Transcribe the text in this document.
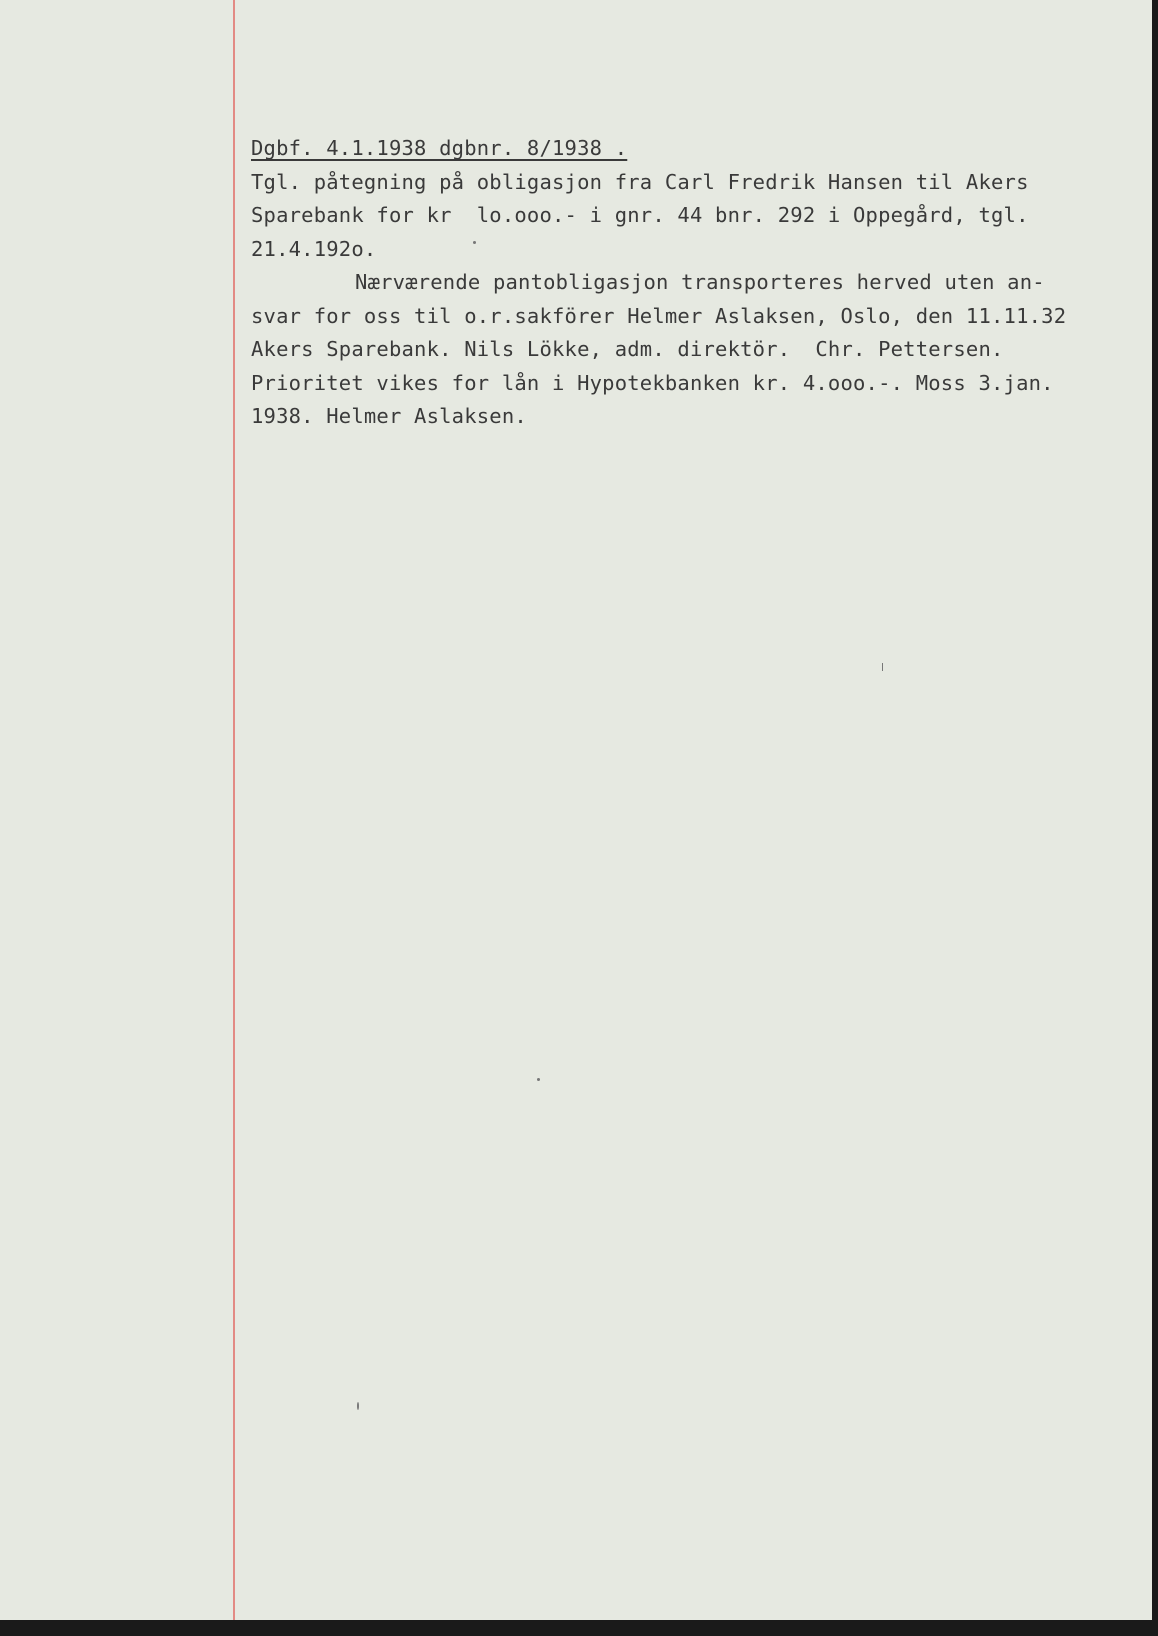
Dgbf. 4.1.1938 dgbnr. 8/1938 .
Tgl. påtegning på obligasjon fra Carl Fredrik Hansen til Akers
Sparebank for kr  lo.ooo.- i gnr. 44 bnr. 292 i Oppegård, tgl.
21.4.192o.
Nærværende pantobligasjon transporteres herved uten an-
svar for oss til o.r.sakförer Helmer Aslaksen, Oslo, den 11.11.32
Akers Sparebank. Nils Lökke, adm. direktör.  Chr. Pettersen.
Prioritet vikes for lån i Hypotekbanken kr. 4.ooo.-. Moss 3.jan.
1938. Helmer Aslaksen.
